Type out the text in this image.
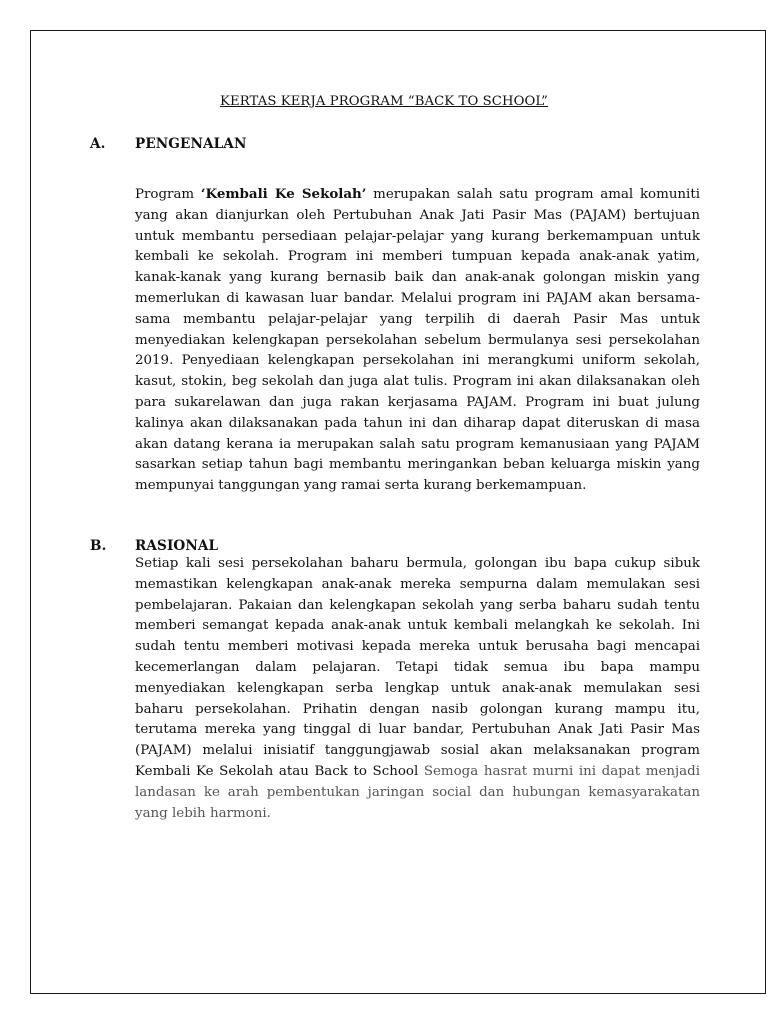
KERTAS KERJA PROGRAM “BACK TO SCHOOL”
A. PENGENALAN
Program ‘Kembali Ke Sekolah’ merupakan salah satu program amal komuniti yang akan dianjurkan oleh Pertubuhan Anak Jati Pasir Mas (PAJAM) bertujuan untuk membantu persediaan pelajar-pelajar yang kurang berkemampuan untuk kembali ke sekolah. Program ini memberi tumpuan kepada anak-anak yatim, kanak-kanak yang kurang bernasib baik dan anak-anak golongan miskin yang memerlukan di kawasan luar bandar. Melalui program ini PAJAM akan bersama-sama membantu pelajar-pelajar yang terpilih di daerah Pasir Mas untuk menyediakan kelengkapan persekolahan sebelum bermulanya sesi persekolahan 2019. Penyediaan kelengkapan persekolahan ini merangkumi uniform sekolah, kasut, stokin, beg sekolah dan juga alat tulis. Program ini akan dilaksanakan oleh para sukarelawan dan juga rakan kerjasama PAJAM. Program ini buat julung kalinya akan dilaksanakan pada tahun ini dan diharap dapat diteruskan di masa akan datang kerana ia merupakan salah satu program kemanusiaan yang PAJAM sasarkan setiap tahun bagi membantu meringankan beban keluarga miskin yang mempunyai tanggungan yang ramai serta kurang berkemampuan.
B. RASIONAL
Setiap kali sesi persekolahan baharu bermula, golongan ibu bapa cukup sibuk memastikan kelengkapan anak-anak mereka sempurna dalam memulakan sesi pembelajaran. Pakaian dan kelengkapan sekolah yang serba baharu sudah tentu memberi semangat kepada anak-anak untuk kembali melangkah ke sekolah. Ini sudah tentu memberi motivasi kepada mereka untuk berusaha bagi mencapai kecemerlangan dalam pelajaran. Tetapi tidak semua ibu bapa mampu menyediakan kelengkapan serba lengkap untuk anak-anak memulakan sesi baharu persekolahan. Prihatin dengan nasib golongan kurang mampu itu, terutama mereka yang tinggal di luar bandar, Pertubuhan Anak Jati Pasir Mas (PAJAM) melalui inisiatif tanggungjawab sosial akan melaksanakan program Kembali Ke Sekolah atau Back to School Semoga hasrat murni ini dapat menjadi landasan ke arah pembentukan jaringan social dan hubungan kemasyarakatan yang lebih harmoni.
